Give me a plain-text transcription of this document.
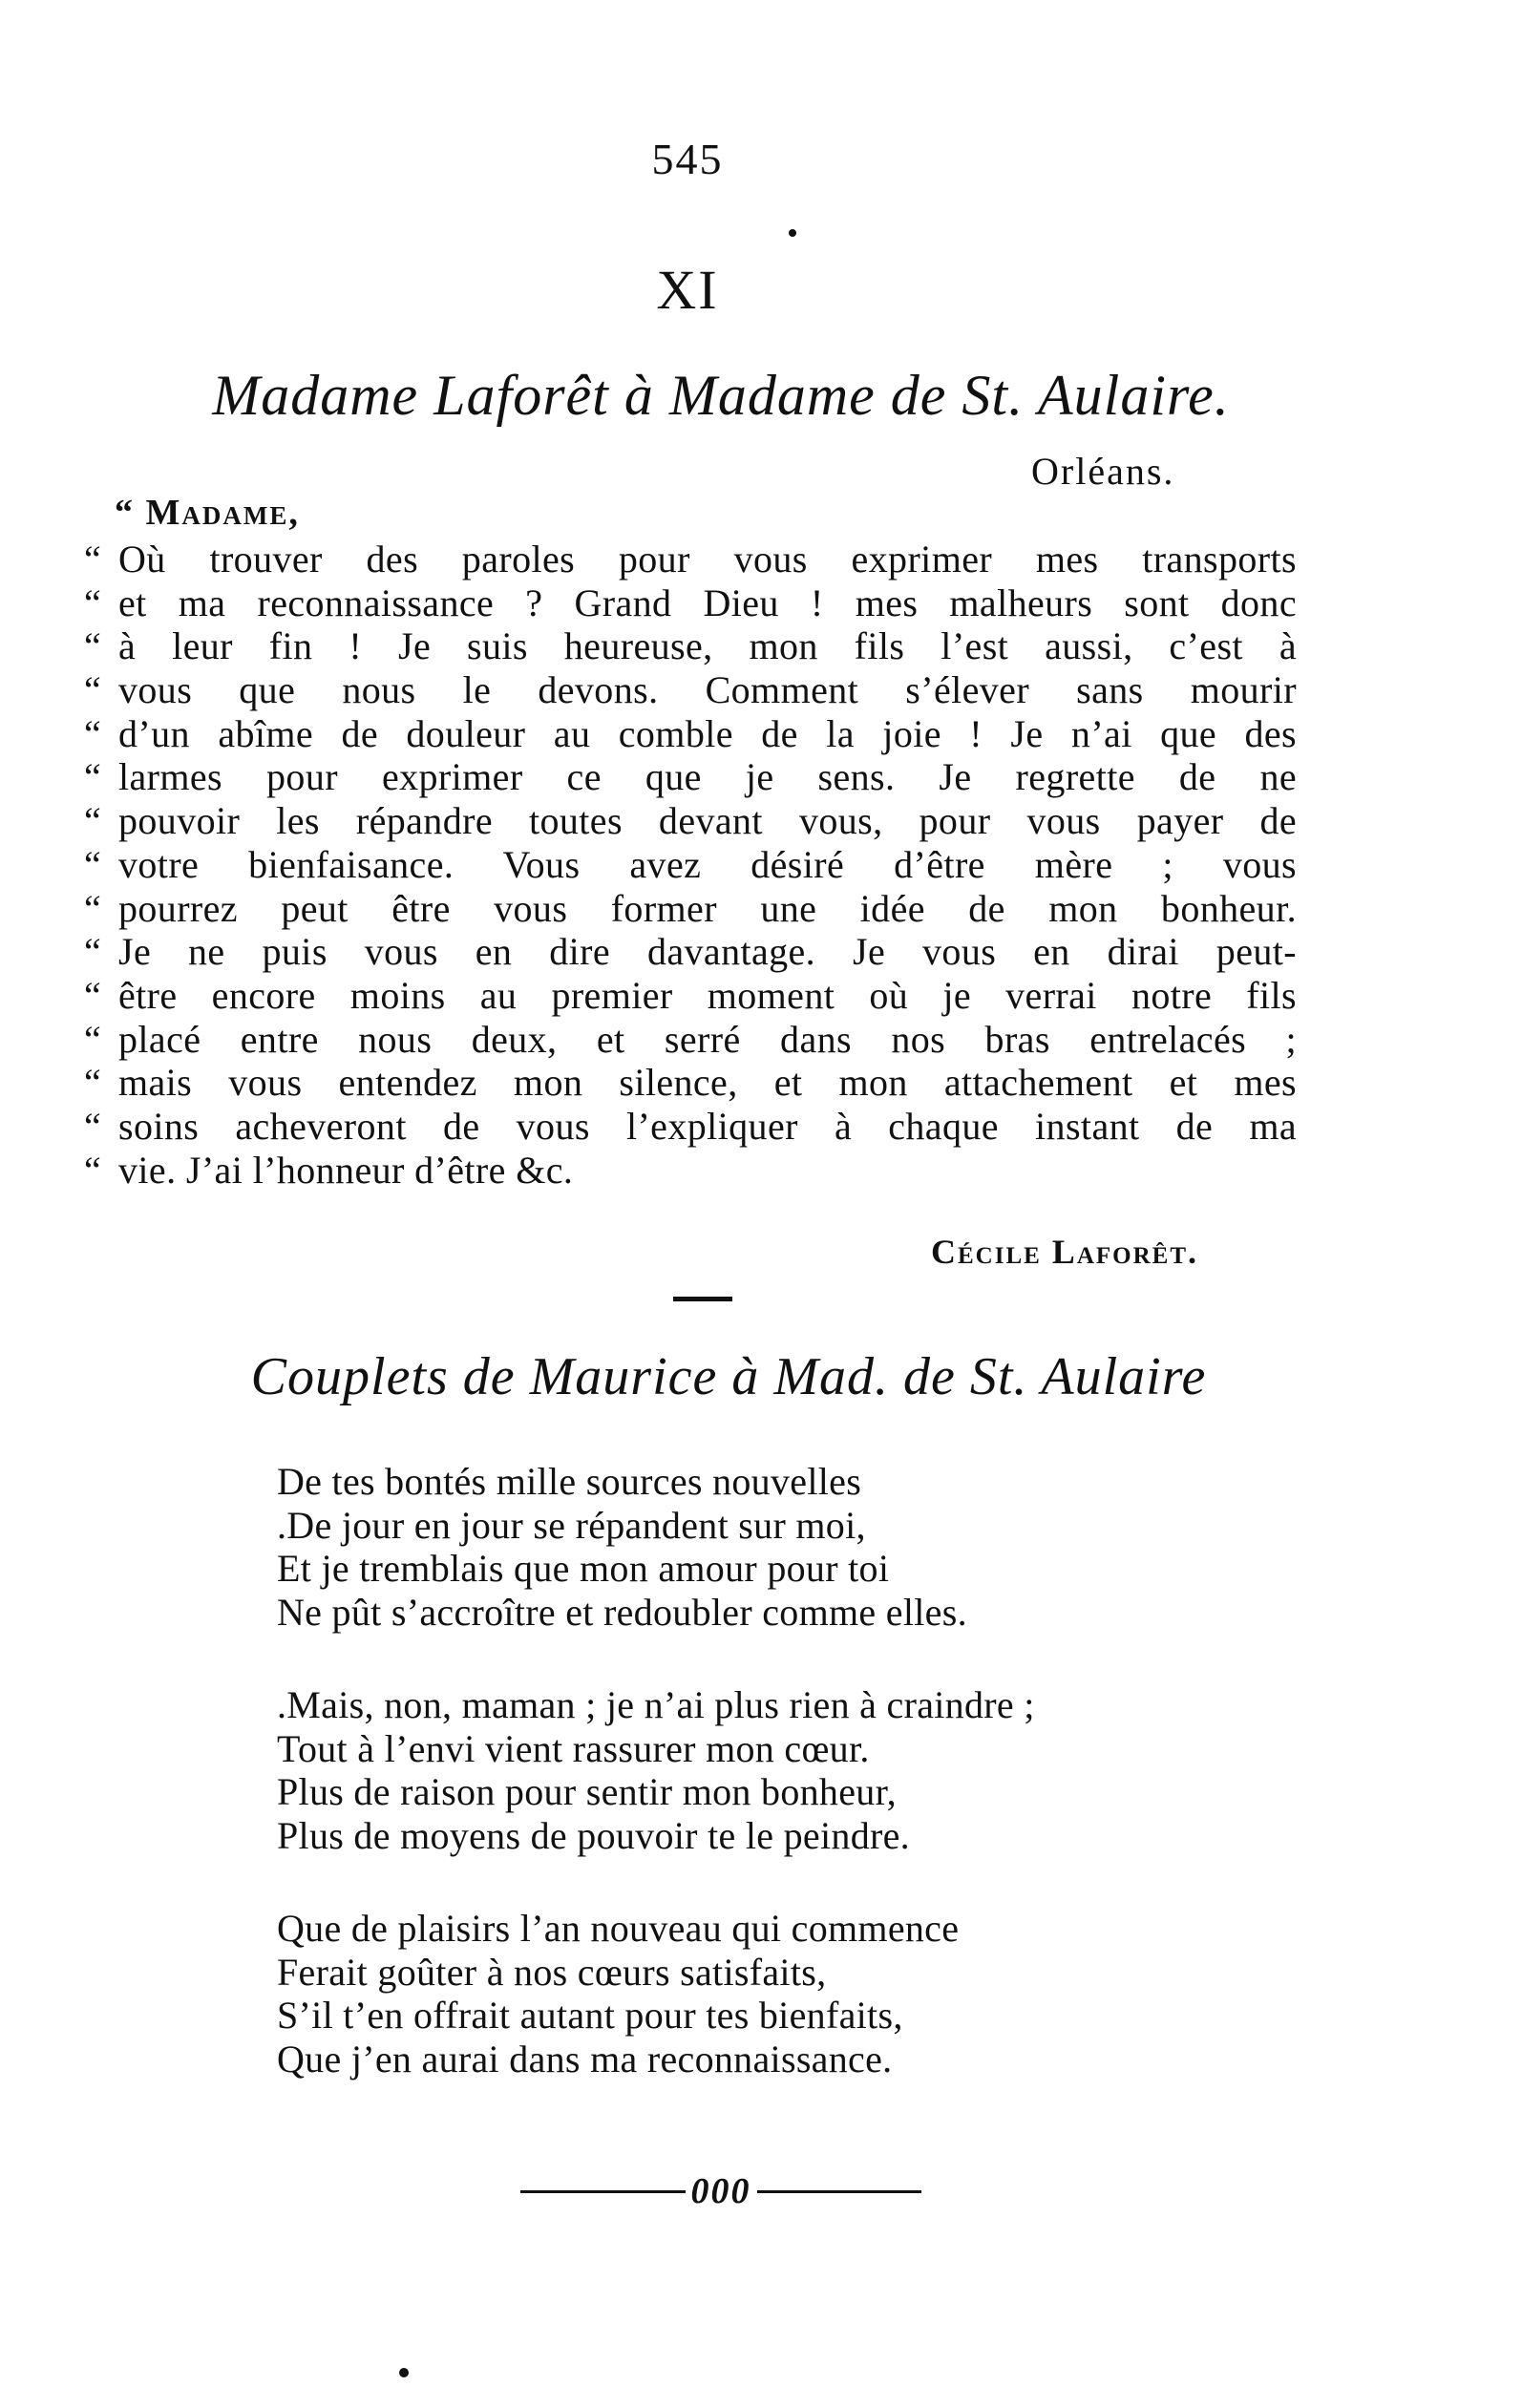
545
XI
Madame Laforêt à Madame de St. Aulaire.
Orléans.
“ Madame,
“ Où trouver des paroles pour vous exprimer mes transports
“ et ma reconnaissance ? Grand Dieu ! mes malheurs sont donc
“ à leur fin ! Je suis heureuse, mon fils l’est aussi, c’est à
“ vous que nous le devons. Comment s’élever sans mourir
“ d’un abîme de douleur au comble de la joie ! Je n’ai que des
“ larmes pour exprimer ce que je sens. Je regrette de ne
“ pouvoir les répandre toutes devant vous, pour vous payer de
“ votre bienfaisance. Vous avez désiré d’être mère ; vous
“ pourrez peut être vous former une idée de mon bonheur.
“ Je ne puis vous en dire davantage. Je vous en dirai peut-
“ être encore moins au premier moment où je verrai notre fils
“ placé entre nous deux, et serré dans nos bras entrelacés ;
“ mais vous entendez mon silence, et mon attachement et mes
“ soins acheveront de vous l’expliquer à chaque instant de ma
“ vie. J’ai l’honneur d’être &c.
Cécile Laforêt.
Couplets de Maurice à Mad. de St. Aulaire
De tes bontés mille sources nouvelles
.De jour en jour se répandent sur moi,
Et je tremblais que mon amour pour toi
Ne pût s’accroître et redoubler comme elles.
.Mais, non, maman ; je n’ai plus rien à craindre ;
Tout à l’envi vient rassurer mon cœur.
Plus de raison pour sentir mon bonheur,
Plus de moyens de pouvoir te le peindre.
Que de plaisirs l’an nouveau qui commence
Ferait goûter à nos cœurs satisfaits,
S’il t’en offrait autant pour tes bienfaits,
Que j’en aurai dans ma reconnaissance.
000
